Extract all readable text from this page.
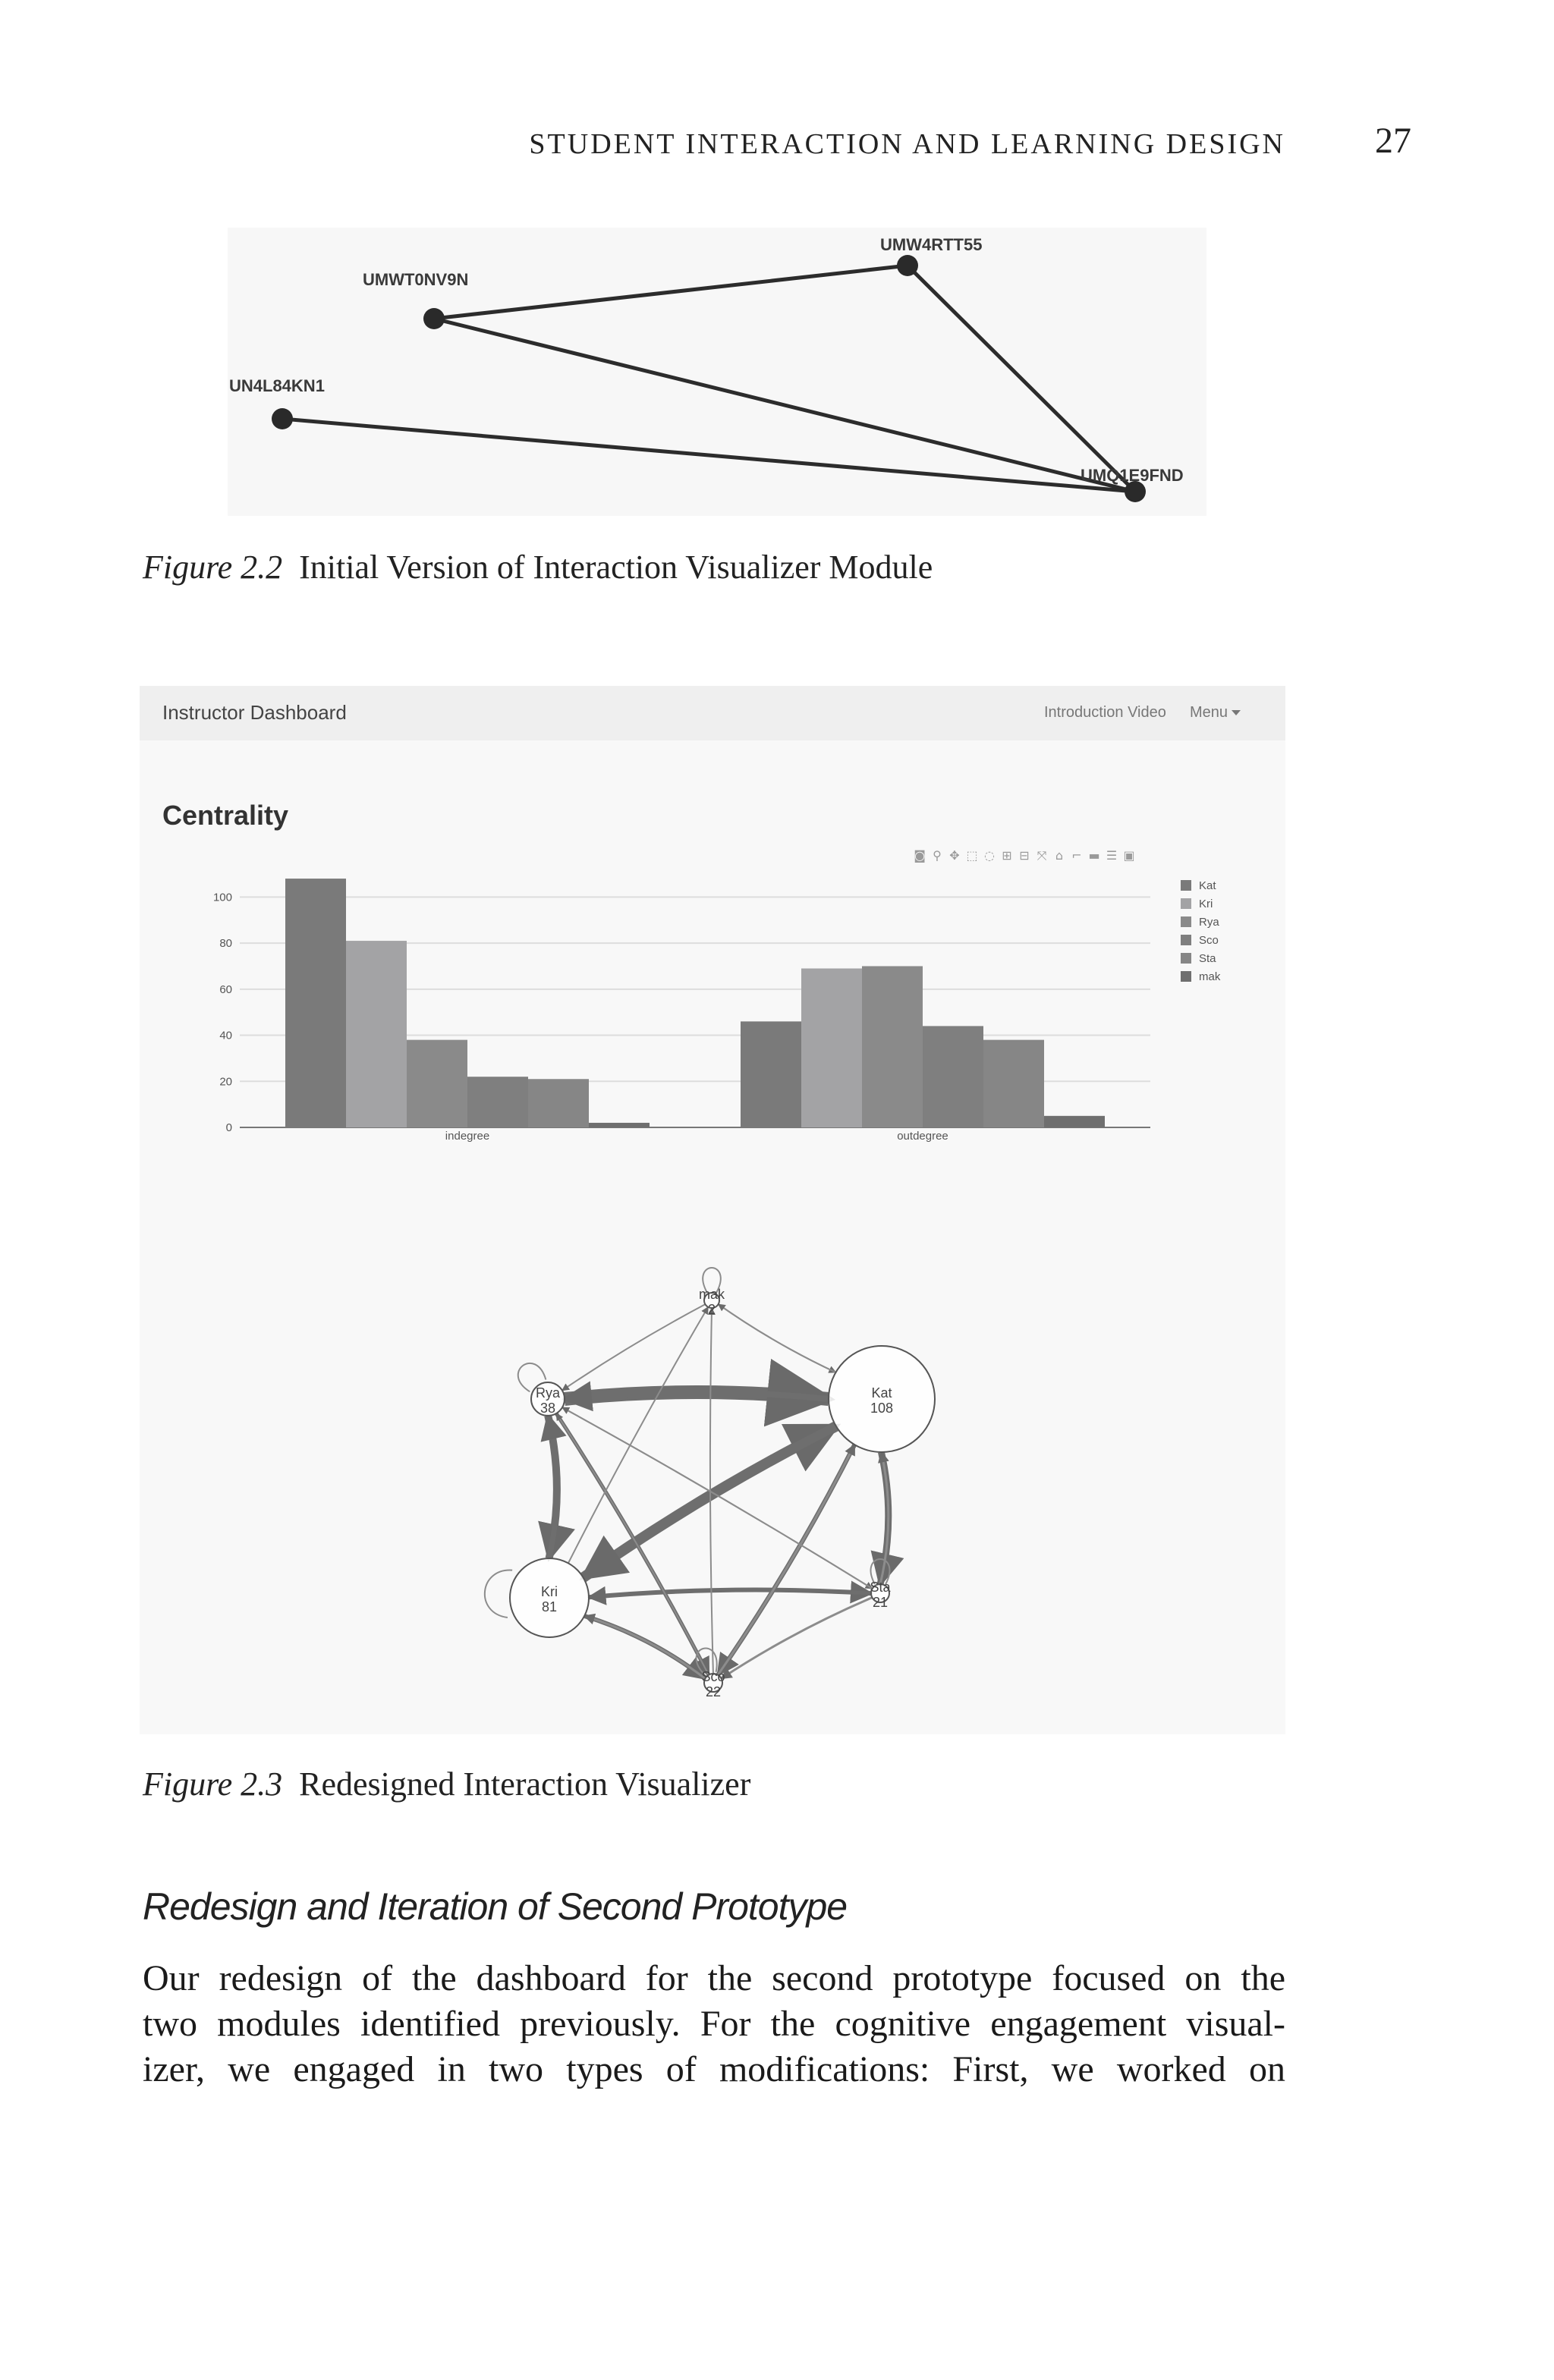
STUDENT INTERACTION AND LEARNING DESIGN 27
UMW4RTT55
UMWT0NV9N
UN4L84KN1
UMQ1E9FND
Figure 2.2 Initial Version of Interaction Visualizer Module
Instructor Dashboard	Introduction Video Menu
Centrality
◙ ⚲ ✥ ⬚ ◌ ⊞ ⊟ ⤧ ⌂ ⌐ ▬ ☰ ▣
0
20
40
60
80
100
indegree	outdegree
Kat
Kri
Rya
Sco
Sta
mak
mak
2
Kat
108
Rya
38
Kri
81
Sta
21
Sco
22
Figure 2.3 Redesigned Interaction Visualizer
Redesign and Iteration of Second Prototype
Our redesign of the dashboard for the second prototype focused on the
two modules identified previously. For the cognitive engagement visual-
izer, we engaged in two types of modifications: First, we worked on
